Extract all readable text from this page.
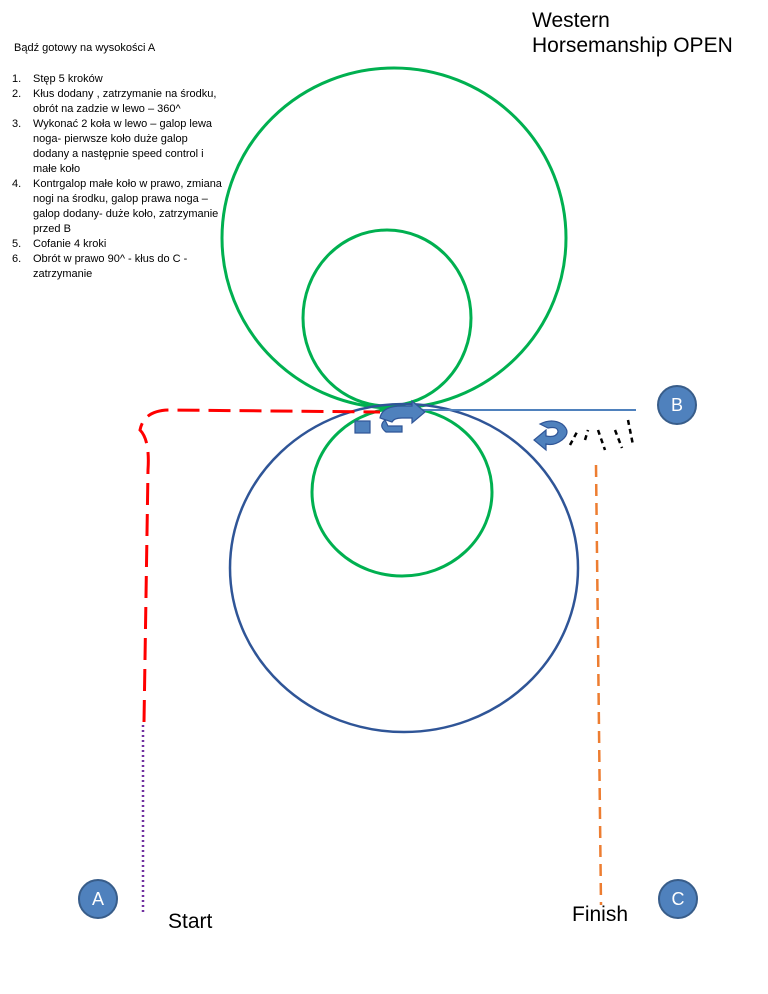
Western
Horsemanship OPEN
Bądź gotowy na wysokości A
1.	Stęp 5 kroków
2.	Kłus dodany , zatrzymanie na środku, obrót na zadzie w lewo – 360^
3.	Wykonać 2 koła w lewo – galop lewa noga- pierwsze koło duże galop dodany a następnie speed control i małe koło
4.	Kontrgalop małe koło w prawo, zmiana nogi na środku, galop prawa noga – galop dodany- duże koło, zatrzymanie przed B
5.	Cofanie 4 kroki
6.	Obrót w prawo 90^ - kłus do C - zatrzymanie
A
B
C
Start	Finish
